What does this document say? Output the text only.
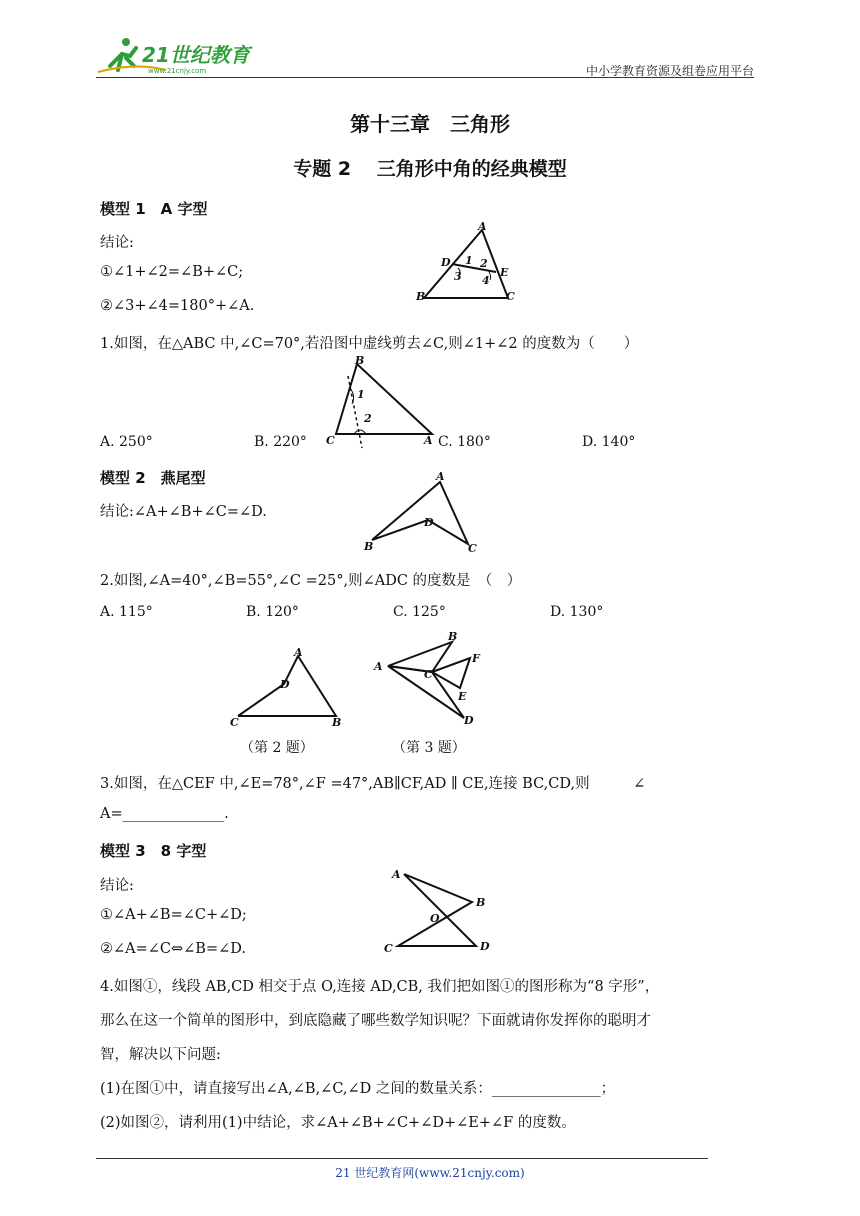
21世纪教育
www.21cnjy.com	中小学教育资源及组卷应用平台
第十三章　三角形
专题 2　 三角形中角的经典模型
模型 1　A 字型
结论:
①∠1+∠2=∠B+∠C;
②∠3+∠4=180°+∠A.
A
D
E
B	C
1 2
3 4
1.如图，在△ABC 中,∠C=70°,若沿图中虚线剪去∠C,则∠1+∠2 的度数为（　　）
B
1
2
C	A
A. 250°	B. 220°	C. 180°	D. 140°
模型 2　燕尾型
结论:∠A+∠B+∠C=∠D.
A
D
B	C
2.如图,∠A=40°,∠B=55°,∠C =25°,则∠ADC 的度数是　（　）
A. 115°	B. 120°	C. 125°	D. 130°
A
D
C	B
B
A
C
F
E
D
（第 2 题）	（第 3 题）
3.如图，在△CEF 中,∠E=78°,∠F =47°,AB∥CF,AD ∥ CE,连接 BC,CD,则　　　∠
A=______________.
模型 3　8 字型
结论:
①∠A+∠B=∠C+∠D;
②∠A=∠C⇔∠B=∠D.
A
B
O
C	D
4.如图①，线段 AB,CD 相交于点 O,连接 AD,CB, 我们把如图①的图形称为“8 字形”，
那么在这一个简单的图形中，到底隐藏了哪些数学知识呢？下面就请你发挥你的聪明才
智，解决以下问题:
(1)在图①中，请直接写出∠A,∠B,∠C,∠D 之间的数量关系：_______________；
(2)如图②，请利用(1)中结论，求∠A+∠B+∠C+∠D+∠E+∠F 的度数。
21 世纪教育网(www.21cnjy.com)
